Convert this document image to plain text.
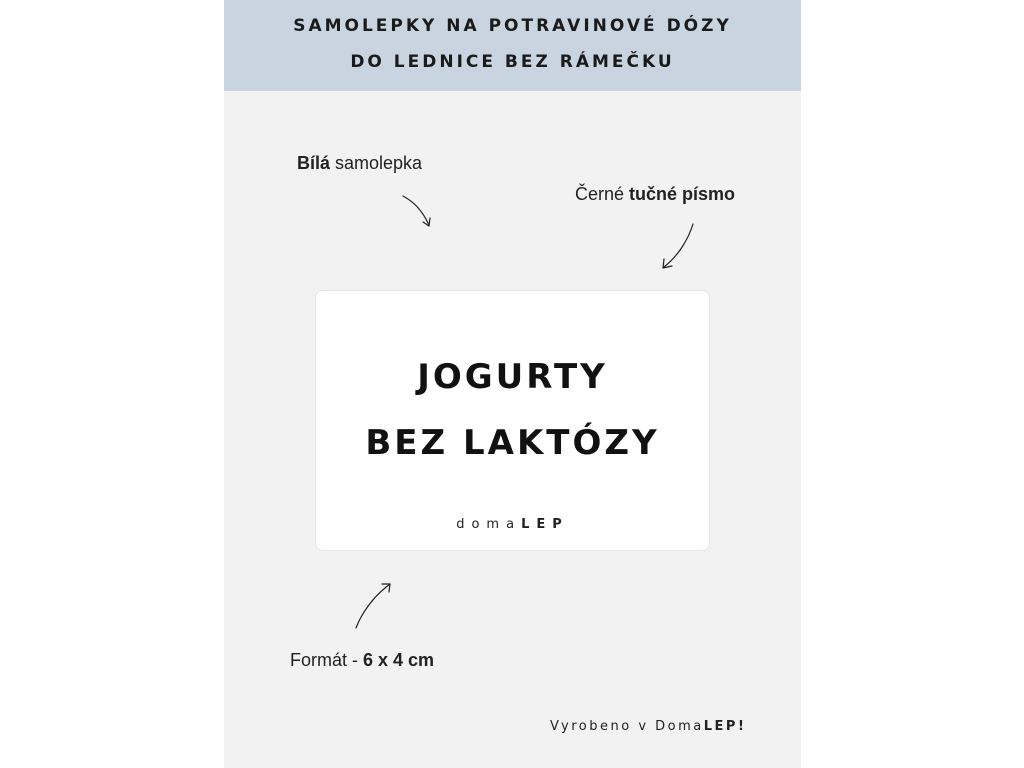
SAMOLEPKY NA POTRAVINOVÉ DÓZY
DO LEDNICE BEZ RÁMEČKU
Bílá samolepka
Černé tučné písmo
JOGURTY
BEZ LAKTÓZY
domaLEP
Formát - 6 x 4 cm
Vyrobeno v DomaLEP!
